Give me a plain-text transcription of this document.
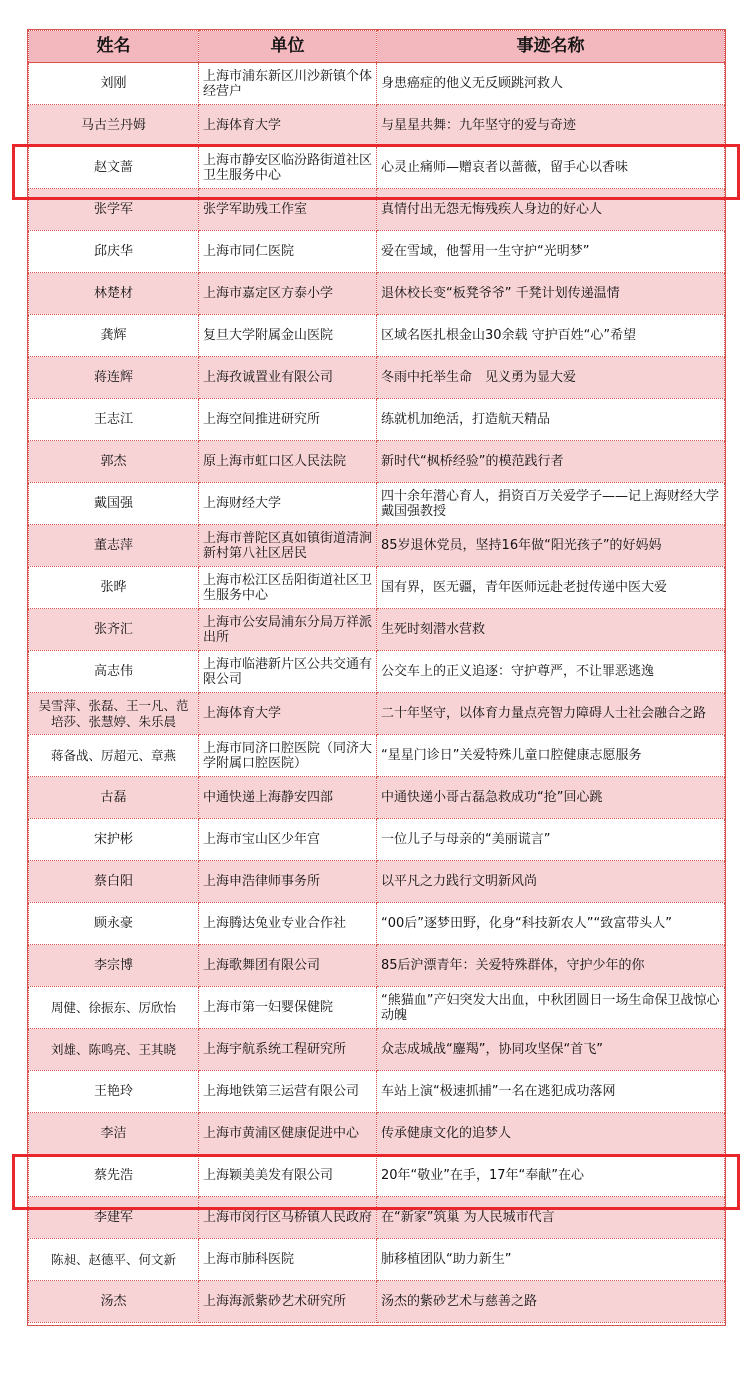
姓名	单位	事迹名称
刘刚	上海市浦东新区川沙新镇个体经营户	身患癌症的他义无反顾跳河救人
马古兰丹姆	上海体育大学	与星星共舞：九年坚守的爱与奇迹
赵文蔷	上海市静安区临汾路街道社区卫生服务中心	心灵止痛师—赠哀者以蔷薇，留手心以香味
张学军	张学军助残工作室	真情付出无怨无悔残疾人身边的好心人
邱庆华	上海市同仁医院	爱在雪域，他誓用一生守护“光明梦”
林楚材	上海市嘉定区方泰小学	退休校长变“板凳爷爷” 千凳计划传递温情
龚辉	复旦大学附属金山医院	区域名医扎根金山30余载 守护百姓“心”希望
蒋连辉	上海孜诚置业有限公司	冬雨中托举生命　见义勇为显大爱
王志江	上海空间推进研究所	练就机加绝活，打造航天精品
郭杰	原上海市虹口区人民法院	新时代“枫桥经验”的模范践行者
戴国强	上海财经大学	四十余年潜心育人，捐资百万关爱学子——记上海财经大学戴国强教授
董志萍	上海市普陀区真如镇街道清涧新村第八社区居民	85岁退休党员，坚持16年做“阳光孩子”的好妈妈
张晔	上海市松江区岳阳街道社区卫生服务中心	国有界，医无疆，青年医师远赴老挝传递中医大爱
张齐汇	上海市公安局浦东分局万祥派出所	生死时刻潜水营救
高志伟	上海市临港新片区公共交通有限公司	公交车上的正义追逐：守护尊严，不让罪恶逃逸
吴雪萍、张磊、王一凡、范培莎、张慧婷、朱乐晨	上海体育大学	二十年坚守，以体育力量点亮智力障碍人士社会融合之路
蒋备战、厉超元、章燕	上海市同济口腔医院（同济大学附属口腔医院）	“星星门诊日”关爱特殊儿童口腔健康志愿服务
古磊	中通快递上海静安四部	中通快递小哥古磊急救成功“抢”回心跳
宋护彬	上海市宝山区少年宫	一位儿子与母亲的“美丽谎言”
蔡白阳	上海申浩律师事务所	以平凡之力践行文明新风尚
顾永豪	上海腾达兔业专业合作社	“00后”逐梦田野，化身“科技新农人”“致富带头人”
李宗博	上海歌舞团有限公司	85后沪漂青年：关爱特殊群体，守护少年的你
周健、徐振东、厉欣怡	上海市第一妇婴保健院	“熊猫血”产妇突发大出血，中秋团圆日一场生命保卫战惊心动魄
刘雄、陈鸣亮、王其晓	上海宇航系统工程研究所	众志成城战“鏖羯”，协同攻坚保“首飞”
王艳玲	上海地铁第三运营有限公司	车站上演“极速抓捕”一名在逃犯成功落网
李洁	上海市黄浦区健康促进中心	传承健康文化的追梦人
蔡先浩	上海颖美美发有限公司	20年“敬业”在手，17年“奉献”在心
李建军	上海市闵行区马桥镇人民政府	在“新家”筑巢 为人民城市代言
陈昶、赵德平、何文新	上海市肺科医院	肺移植团队“助力新生”
汤杰	上海海派紫砂艺术研究所	汤杰的紫砂艺术与慈善之路
